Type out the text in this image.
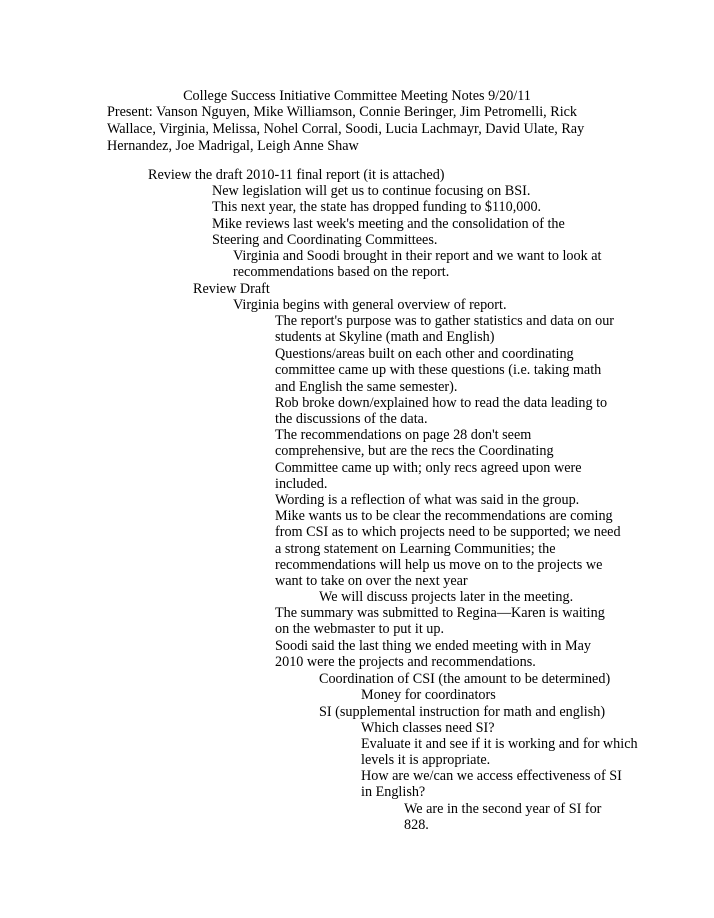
College Success Initiative Committee Meeting Notes 9/20/11
Present: Vanson Nguyen, Mike Williamson, Connie Beringer, Jim Petromelli, Rick Wallace, Virginia, Melissa, Nohel Corral, Soodi, Lucia Lachmayr, David Ulate, Ray Hernandez, Joe Madrigal, Leigh Anne Shaw
Review the draft 2010-11 final report (it is attached)
New legislation will get us to continue focusing on BSI.
This next year, the state has dropped funding to $110,000.
Mike reviews last week's meeting and the consolidation of the Steering and Coordinating Committees.
Virginia and Soodi brought in their report and we want to look at recommendations based on the report.
Review Draft
Virginia begins with general overview of report.
The report's purpose was to gather statistics and data on our students at Skyline (math and English)
Questions/areas built on each other and coordinating committee came up with these questions (i.e. taking math and English the same semester).
Rob broke down/explained how to read the data leading to the discussions of the data.
The recommendations on page 28 don't seem comprehensive, but are the recs the Coordinating Committee came up with; only recs agreed upon were included.
Wording is a reflection of what was said in the group.
Mike wants us to be clear the recommendations are coming from CSI as to which projects need to be supported; we need a strong statement on Learning Communities; the recommendations will help us move on to the projects we want to take on over the next year
We will discuss projects later in the meeting.
The summary was submitted to Regina—Karen is waiting on the webmaster to put it up.
Soodi said the last thing we ended meeting with in May 2010 were the projects and recommendations.
Coordination of CSI (the amount to be determined)
Money for coordinators
SI (supplemental instruction for math and english)
Which classes need SI?
Evaluate it and see if it is working and for which levels it is appropriate.
How are we/can we access effectiveness of SI in English?
We are in the second year of SI for 828.
